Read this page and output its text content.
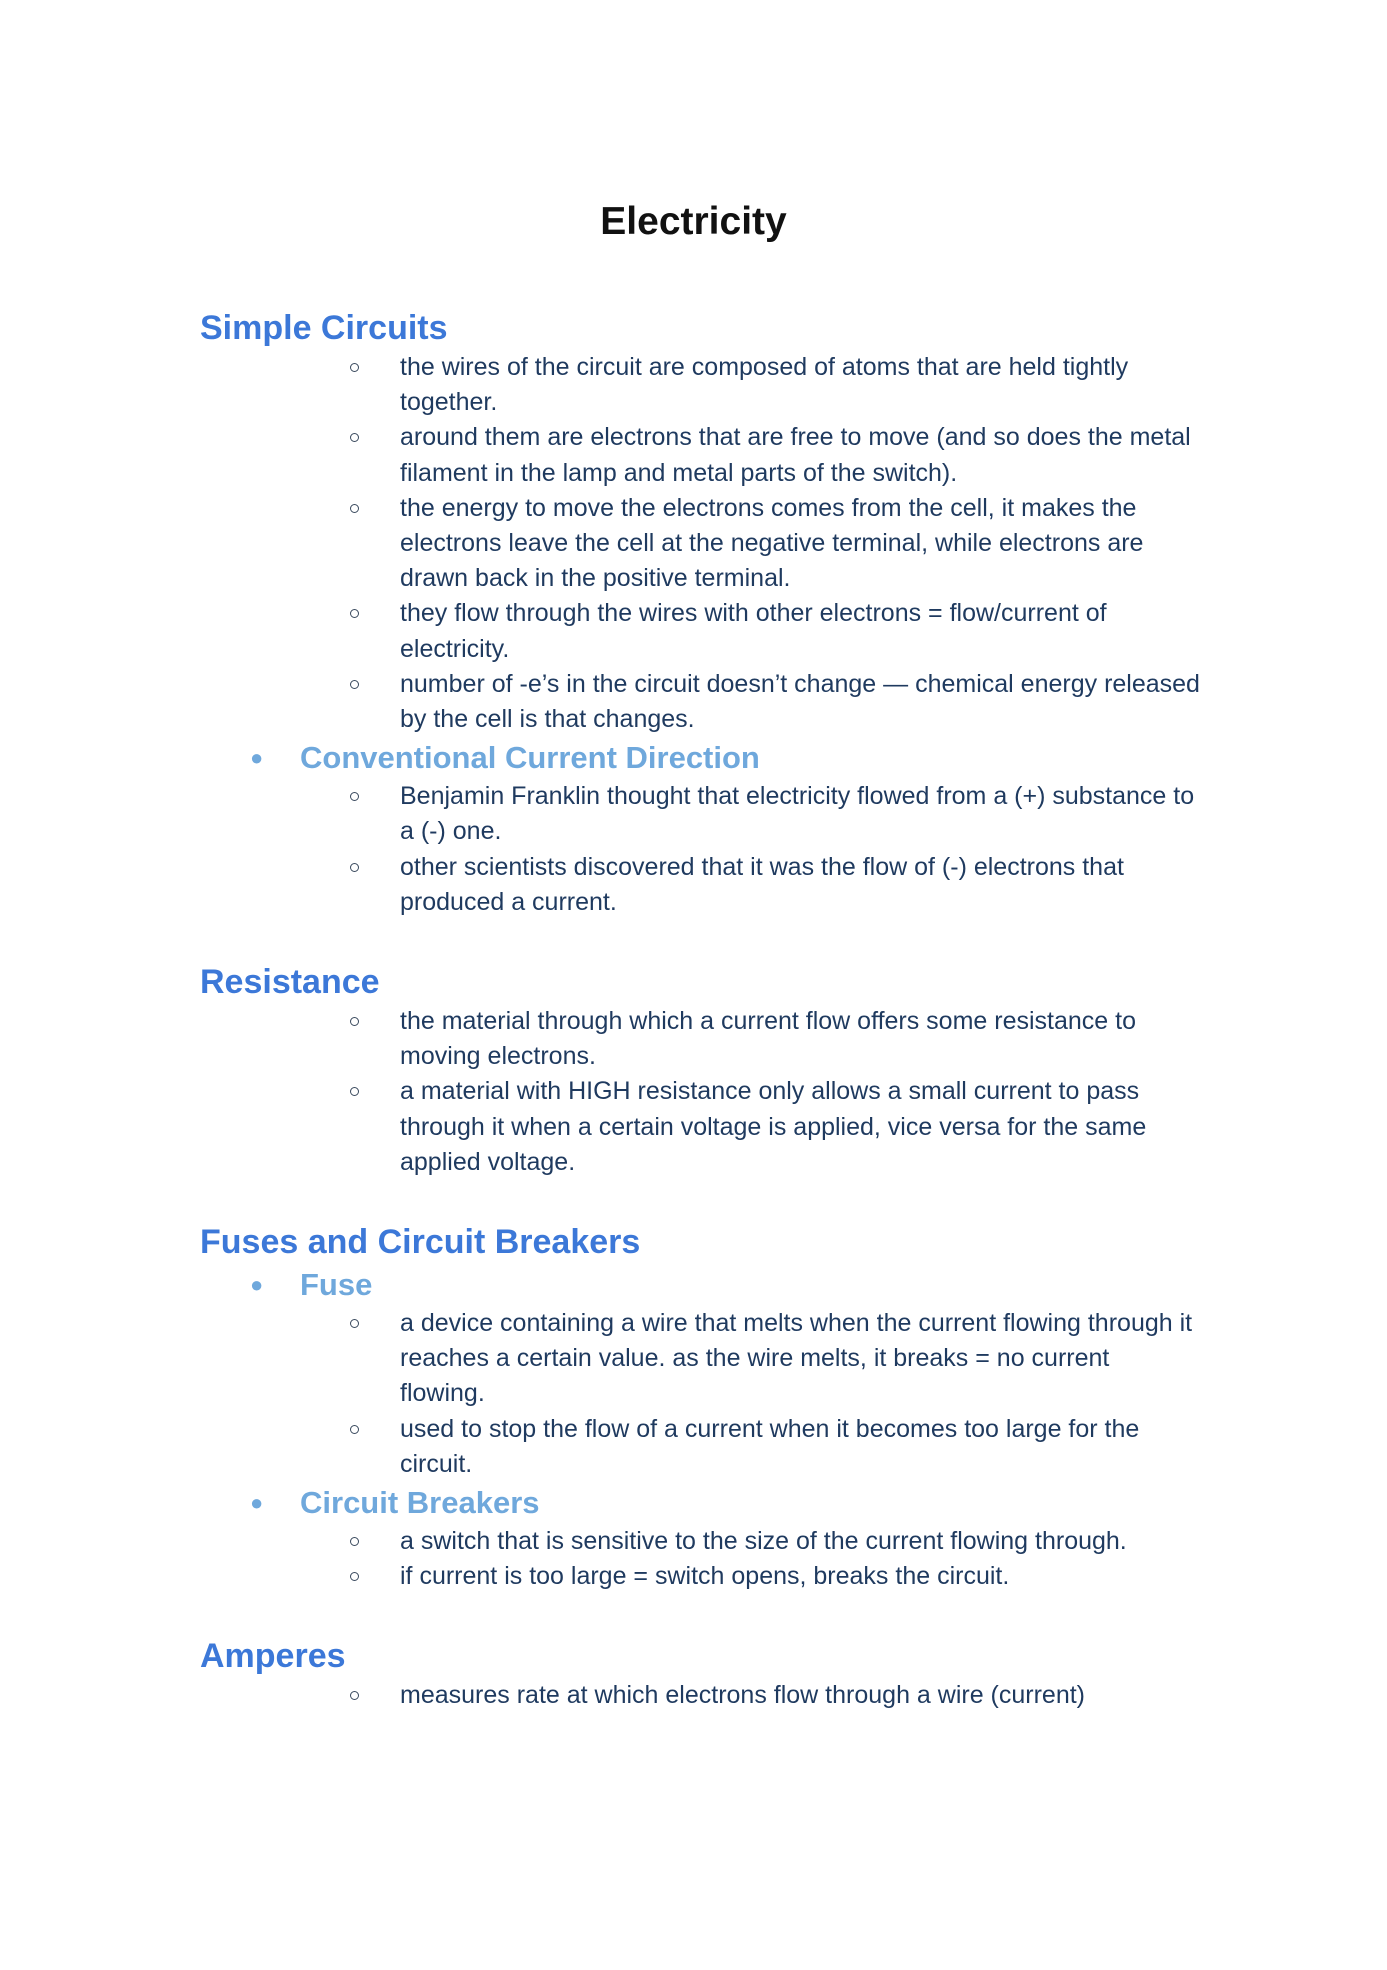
Electricity
Simple Circuits
the wires of the circuit are composed of atoms that are held tightly together.
around them are electrons that are free to move (and so does the metal filament in the lamp and metal parts of the switch).
the energy to move the electrons comes from the cell, it makes the electrons leave the cell at the negative terminal, while electrons are drawn back in the positive terminal.
they flow through the wires with other electrons = flow/current of electricity.
number of -e’s in the circuit doesn’t change — chemical energy released by the cell is that changes.
● Conventional Current Direction
Benjamin Franklin thought that electricity flowed from a (+) substance to a (-) one.
other scientists discovered that it was the flow of (-) electrons that produced a current.
Resistance
the material through which a current flow offers some resistance to moving electrons.
a material with HIGH resistance only allows a small current to pass through it when a certain voltage is applied, vice versa for the same applied voltage.
Fuses and Circuit Breakers
● Fuse
a device containing a wire that melts when the current flowing through it reaches a certain value. as the wire melts, it breaks = no current flowing.
used to stop the flow of a current when it becomes too large for the circuit.
● Circuit Breakers
a switch that is sensitive to the size of the current flowing through.
if current is too large = switch opens, breaks the circuit.
Amperes
measures rate at which electrons flow through a wire (current)
